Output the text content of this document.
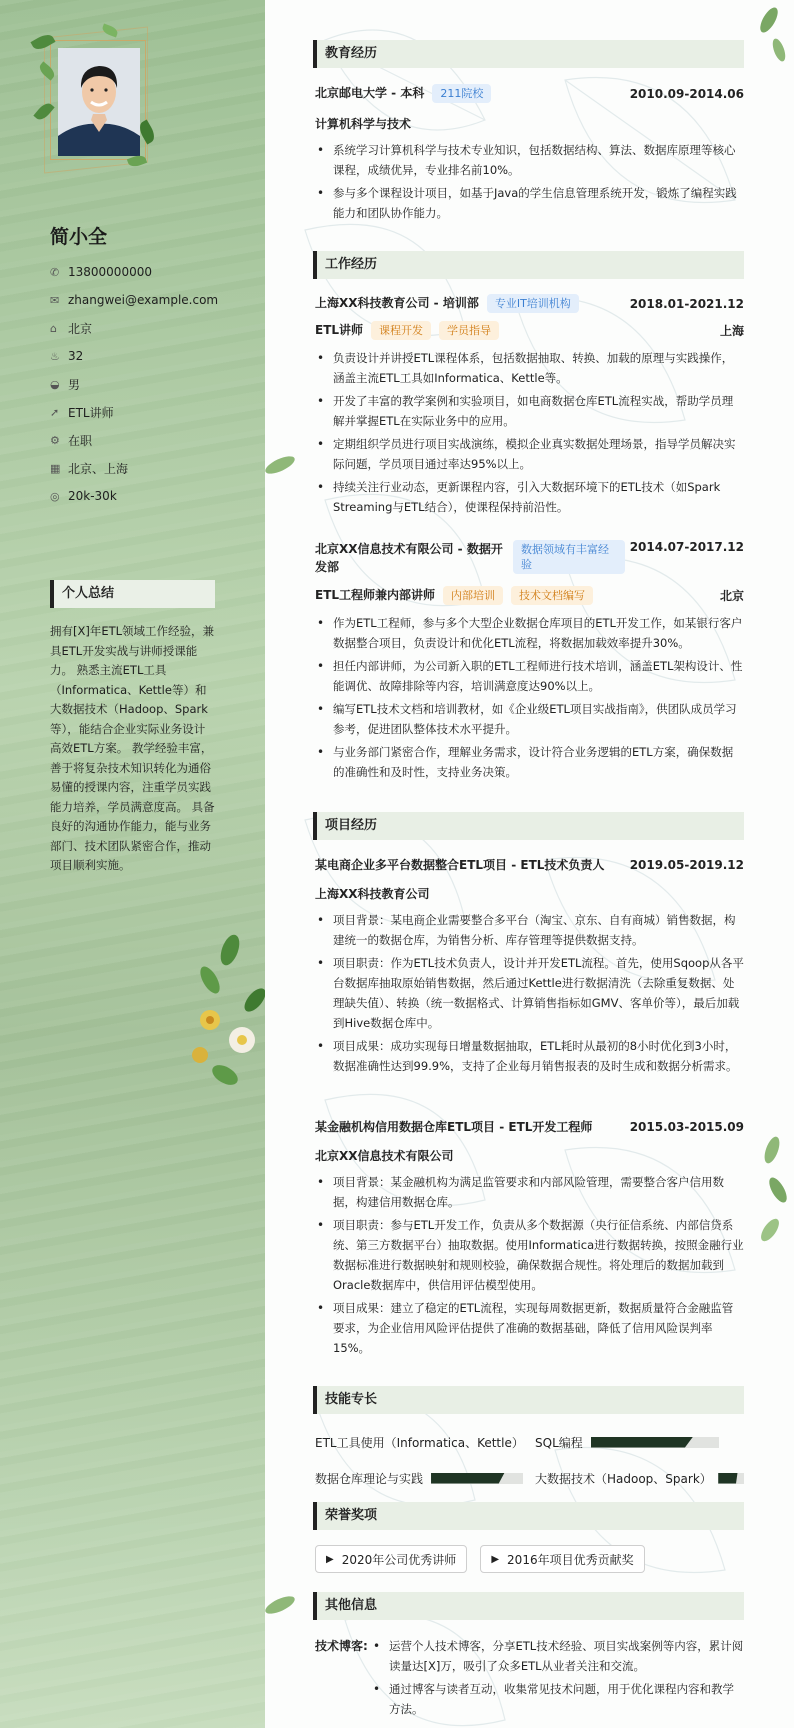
简小全
✆ 13800000000
✉ zhangwei@example.com
⌂ 北京
♨ 32
◒ 男
➚ ETL讲师
⚙ 在职
▦ 北京、上海
◎ 20k-30k
个人总结
拥有[X]年ETL领域工作经验，兼具ETL开发实战与讲师授课能力。 熟悉主流ETL工具（Informatica、Kettle等）和大数据技术（Hadoop、Spark等），能结合企业实际业务设计高效ETL方案。 教学经验丰富，善于将复杂技术知识转化为通俗易懂的授课内容，注重学员实践能力培养，学员满意度高。 具备良好的沟通协作能力，能与业务部门、技术团队紧密合作，推动项目顺利实施。
教育经历
北京邮电大学 - 本科 211院校	2010.09-2014.06
计算机科学与技术
• 系统学习计算机科学与技术专业知识，包括数据结构、算法、数据库原理等核心课程，成绩优异，专业排名前10%。
• 参与多个课程设计项目，如基于Java的学生信息管理系统开发，锻炼了编程实践能力和团队协作能力。
工作经历
上海XX科技教育公司 - 培训部 专业IT培训机构	2018.01-2021.12
ETL讲师 课程开发 学员指导	上海
• 负责设计并讲授ETL课程体系，包括数据抽取、转换、加载的原理与实践操作，涵盖主流ETL工具如Informatica、Kettle等。
• 开发了丰富的教学案例和实验项目，如电商数据仓库ETL流程实战，帮助学员理解并掌握ETL在实际业务中的应用。
• 定期组织学员进行项目实战演练，模拟企业真实数据处理场景，指导学员解决实际问题，学员项目通过率达95%以上。
• 持续关注行业动态，更新课程内容，引入大数据环境下的ETL技术（如Spark Streaming与ETL结合），使课程保持前沿性。
北京XX信息技术有限公司 - 数据开发部
数据领域有丰富经验
2014.07-2017.12
ETL工程师兼内部讲师 内部培训 技术文档编写	北京
• 作为ETL工程师，参与多个大型企业数据仓库项目的ETL开发工作，如某银行客户数据整合项目，负责设计和优化ETL流程，将数据加载效率提升30%。
• 担任内部讲师，为公司新入职的ETL工程师进行技术培训，涵盖ETL架构设计、性能调优、故障排除等内容，培训满意度达90%以上。
• 编写ETL技术文档和培训教材，如《企业级ETL项目实战指南》，供团队成员学习参考，促进团队整体技术水平提升。
• 与业务部门紧密合作，理解业务需求，设计符合业务逻辑的ETL方案，确保数据的准确性和及时性，支持业务决策。
项目经历
某电商企业多平台数据整合ETL项目 - ETL技术负责人 2019.05-2019.12
上海XX科技教育公司
• 项目背景：某电商企业需要整合多平台（淘宝、京东、自有商城）销售数据，构建统一的数据仓库，为销售分析、库存管理等提供数据支持。
• 项目职责：作为ETL技术负责人，设计并开发ETL流程。首先，使用Sqoop从各平台数据库抽取原始销售数据，然后通过Kettle进行数据清洗（去除重复数据、处理缺失值）、转换（统一数据格式、计算销售指标如GMV、客单价等），最后加载到Hive数据仓库中。
• 项目成果：成功实现每日增量数据抽取，ETL耗时从最初的8小时优化到3小时，数据准确性达到99.9%，支持了企业每月销售报表的及时生成和数据分析需求。
某金融机构信用数据仓库ETL项目 - ETL开发工程师	2015.03-2015.09
北京XX信息技术有限公司
• 项目背景：某金融机构为满足监管要求和内部风险管理，需要整合客户信用数据，构建信用数据仓库。
• 项目职责：参与ETL开发工作，负责从多个数据源（央行征信系统、内部信贷系统、第三方数据平台）抽取数据。使用Informatica进行数据转换，按照金融行业数据标准进行数据映射和规则校验，确保数据合规性。将处理后的数据加载到Oracle数据库中，供信用评估模型使用。
• 项目成果：建立了稳定的ETL流程，实现每周数据更新，数据质量符合金融监管要求，为企业信用风险评估提供了准确的数据基础，降低了信用风险误判率15%。
技能专长
ETL工具使用（Informatica、Kettle） SQL编程
数据仓库理论与实践	大数据技术（Hadoop、Spark）
荣誉奖项
▶ 2020年公司优秀讲师
	▶ 2016年项目优秀贡献奖
其他信息
技术博客:
•	运营个人技术博客，分享ETL技术经验、项目实战案例等内容，累计阅读量达[X]万，吸引了众多ETL从业者关注和交流。
• 通过博客与读者互动，收集常见技术问题，用于优化课程内容和教学方法。
